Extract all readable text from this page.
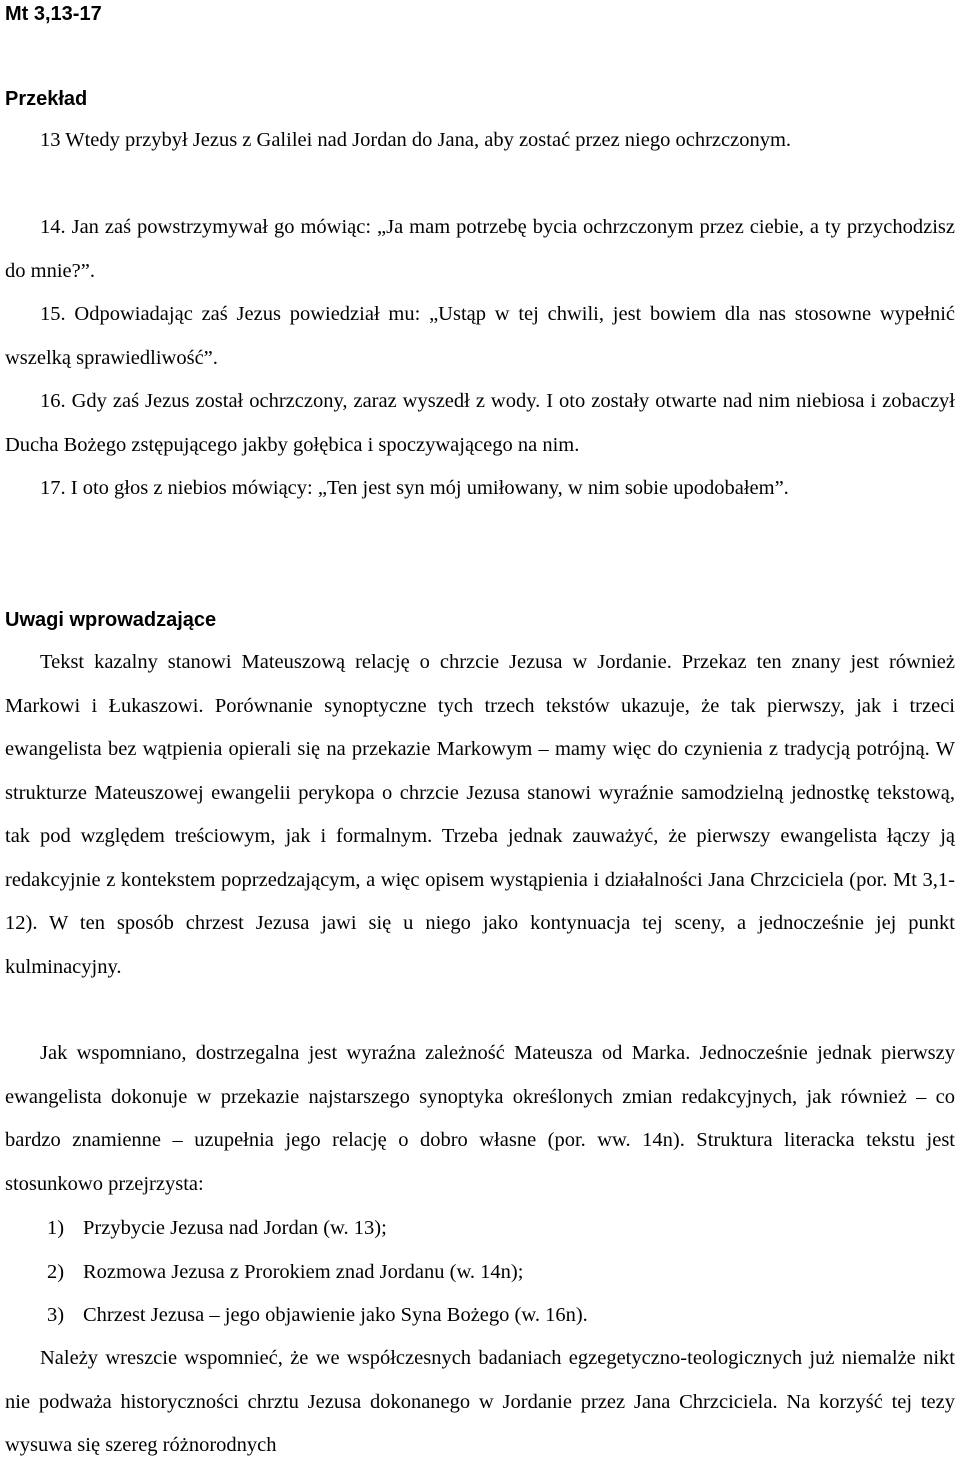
Mt 3,13-17
Przekład

13 Wtedy przybył Jezus z Galilei nad Jordan do Jana, aby zostać przez niego ochrzczonym.

14. Jan zaś powstrzymywał go mówiąc: „Ja mam potrzebę bycia ochrzczonym przez ciebie, a ty przychodzisz do mnie?”.

15. Odpowiadając zaś Jezus powiedział mu: „Ustąp w tej chwili, jest bowiem dla nas stosowne wypełnić wszelką sprawiedliwość”.

16. Gdy zaś Jezus został ochrzczony, zaraz wyszedł z wody. I oto zostały otwarte nad nim niebiosa i zobaczył Ducha Bożego zstępującego jakby gołębica i spoczywającego na nim.

17. I oto głos z niebios mówiący: „Ten jest syn mój umiłowany, w nim sobie upodobałem”.

Uwagi wprowadzające

Tekst kazalny stanowi Mateuszową relację o chrzcie Jezusa w Jordanie. Przekaz ten znany jest również Markowi i Łukaszowi. Porównanie synoptyczne tych trzech tekstów ukazuje, że tak pierwszy, jak i trzeci ewangelista bez wątpienia opierali się na przekazie Markowym – mamy więc do czynienia z tradycją potrójną. W strukturze Mateuszowej ewangelii perykopa o chrzcie Jezusa stanowi wyraźnie samodzielną jednostkę tekstową, tak pod względem treściowym, jak i formalnym. Trzeba jednak zauważyć, że pierwszy ewangelista łączy ją redakcyjnie z kontekstem poprzedzającym, a więc opisem wystąpienia i działalności Jana Chrzciciela (por. Mt 3,1-12). W ten sposób chrzest Jezusa jawi się u niego jako kontynuacja tej sceny, a jednocześnie jej punkt kulminacyjny.

Jak wspomniano, dostrzegalna jest wyraźna zależność Mateusza od Marka. Jednocześnie jednak pierwszy ewangelista dokonuje w przekazie najstarszego synoptyka określonych zmian redakcyjnych, jak również – co bardzo znamienne – uzupełnia jego relację o dobro własne (por. ww. 14n). Struktura literacka tekstu jest stosunkowo przejrzysta:

1) Przybycie Jezusa nad Jordan (w. 13);
2) Rozmowa Jezusa z Prorokiem znad Jordanu (w. 14n);
3) Chrzest Jezusa – jego objawienie jako Syna Bożego (w. 16n).

Należy wreszcie wspomnieć, że we współczesnych badaniach egzegetyczno-teologicznych już niemalże nikt nie podważa historyczności chrztu Jezusa dokonanego w Jordanie przez Jana Chrzciciela. Na korzyść tej tezy wysuwa się szereg różnorodnych
